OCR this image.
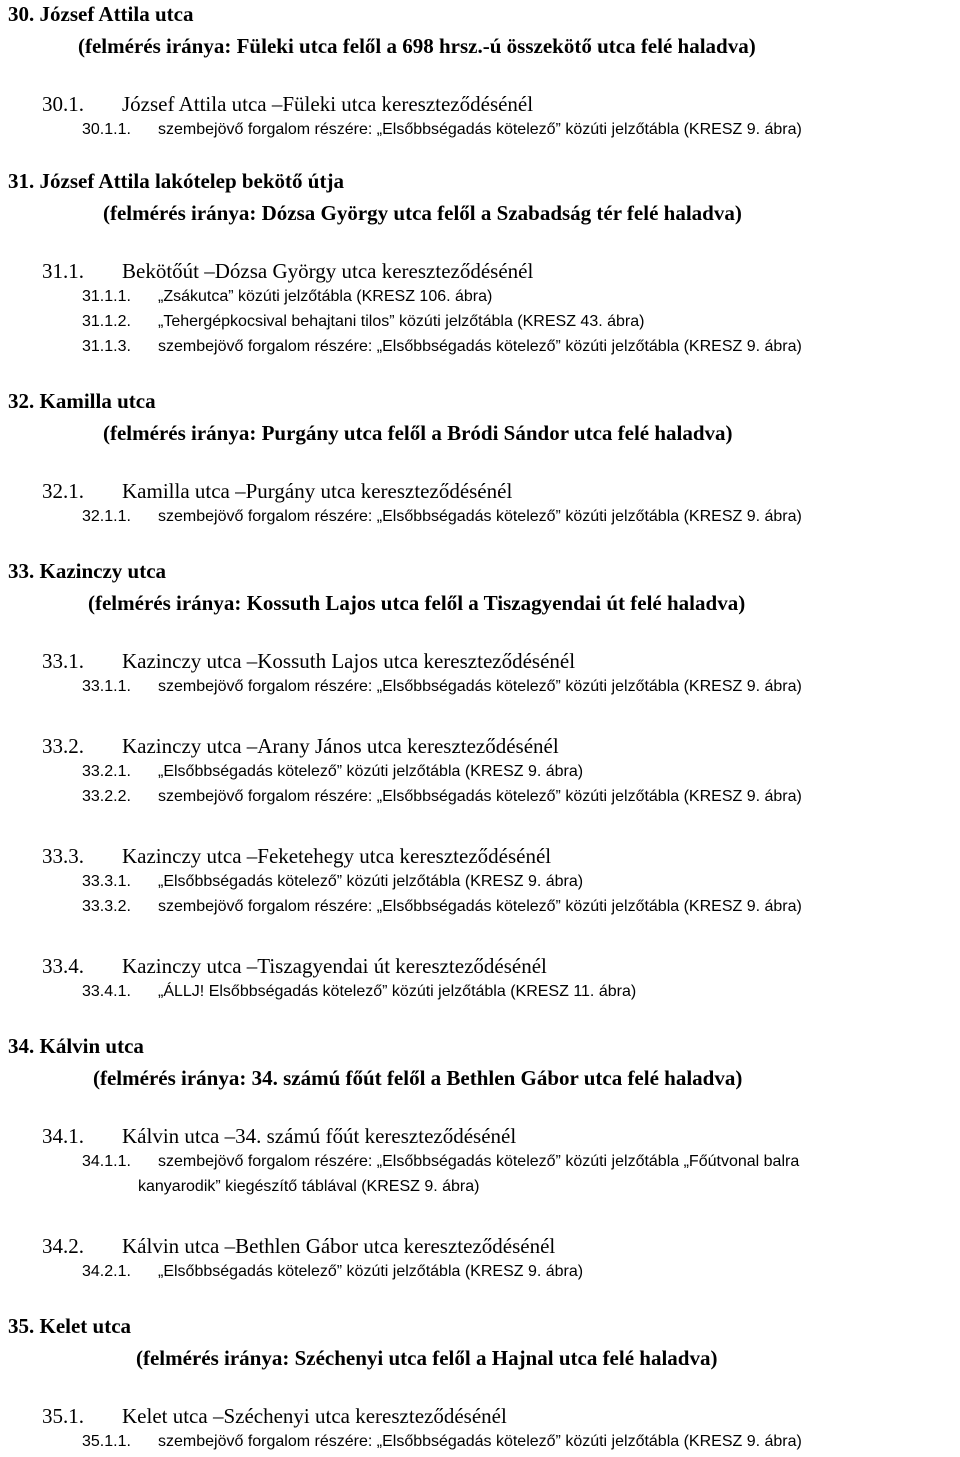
30. József Attila utca
(felmérés iránya: Füleki utca felől a 698 hrsz.-ú összekötő utca felé haladva)
30.1. József Attila utca –Füleki utca kereszteződésénél
30.1.1. szembejövő forgalom részére: „Elsőbbségadás kötelező” közúti jelzőtábla (KRESZ 9. ábra)
31. József Attila lakótelep bekötő útja
(felmérés iránya: Dózsa György utca felől a Szabadság tér felé haladva)
31.1. Bekötőút –Dózsa György utca kereszteződésénél
31.1.1. „Zsákutca” közúti jelzőtábla (KRESZ 106. ábra)
31.1.2. „Tehergépkocsival behajtani tilos” közúti jelzőtábla (KRESZ 43. ábra)
31.1.3. szembejövő forgalom részére: „Elsőbbségadás kötelező” közúti jelzőtábla (KRESZ 9. ábra)
32. Kamilla utca
(felmérés iránya: Purgány utca felől a Bródi Sándor utca felé haladva)
32.1. Kamilla utca –Purgány utca kereszteződésénél
32.1.1. szembejövő forgalom részére: „Elsőbbségadás kötelező” közúti jelzőtábla (KRESZ 9. ábra)
33. Kazinczy utca
(felmérés iránya: Kossuth Lajos utca felől a Tiszagyendai út felé haladva)
33.1. Kazinczy utca –Kossuth Lajos utca kereszteződésénél
33.1.1. szembejövő forgalom részére: „Elsőbbségadás kötelező” közúti jelzőtábla (KRESZ 9. ábra)
33.2. Kazinczy utca –Arany János utca kereszteződésénél
33.2.1. „Elsőbbségadás kötelező” közúti jelzőtábla (KRESZ 9. ábra)
33.2.2. szembejövő forgalom részére: „Elsőbbségadás kötelező” közúti jelzőtábla (KRESZ 9. ábra)
33.3. Kazinczy utca –Feketehegy utca kereszteződésénél
33.3.1. „Elsőbbségadás kötelező” közúti jelzőtábla (KRESZ 9. ábra)
33.3.2. szembejövő forgalom részére: „Elsőbbségadás kötelező” közúti jelzőtábla (KRESZ 9. ábra)
33.4. Kazinczy utca –Tiszagyendai út kereszteződésénél
33.4.1. „ÁLLJ! Elsőbbségadás kötelező” közúti jelzőtábla (KRESZ 11. ábra)
34. Kálvin utca
(felmérés iránya: 34. számú főút felől a Bethlen Gábor utca felé haladva)
34.1. Kálvin utca –34. számú főút kereszteződésénél
34.1.1. szembejövő forgalom részére: „Elsőbbségadás kötelező” közúti jelzőtábla „Főútvonal balra
kanyarodik” kiegészítő táblával (KRESZ 9. ábra)
34.2. Kálvin utca –Bethlen Gábor utca kereszteződésénél
34.2.1. „Elsőbbségadás kötelező” közúti jelzőtábla (KRESZ 9. ábra)
35. Kelet utca
(felmérés iránya: Széchenyi utca felől a Hajnal utca felé haladva)
35.1. Kelet utca –Széchenyi utca kereszteződésénél
35.1.1. szembejövő forgalom részére: „Elsőbbségadás kötelező” közúti jelzőtábla (KRESZ 9. ábra)
